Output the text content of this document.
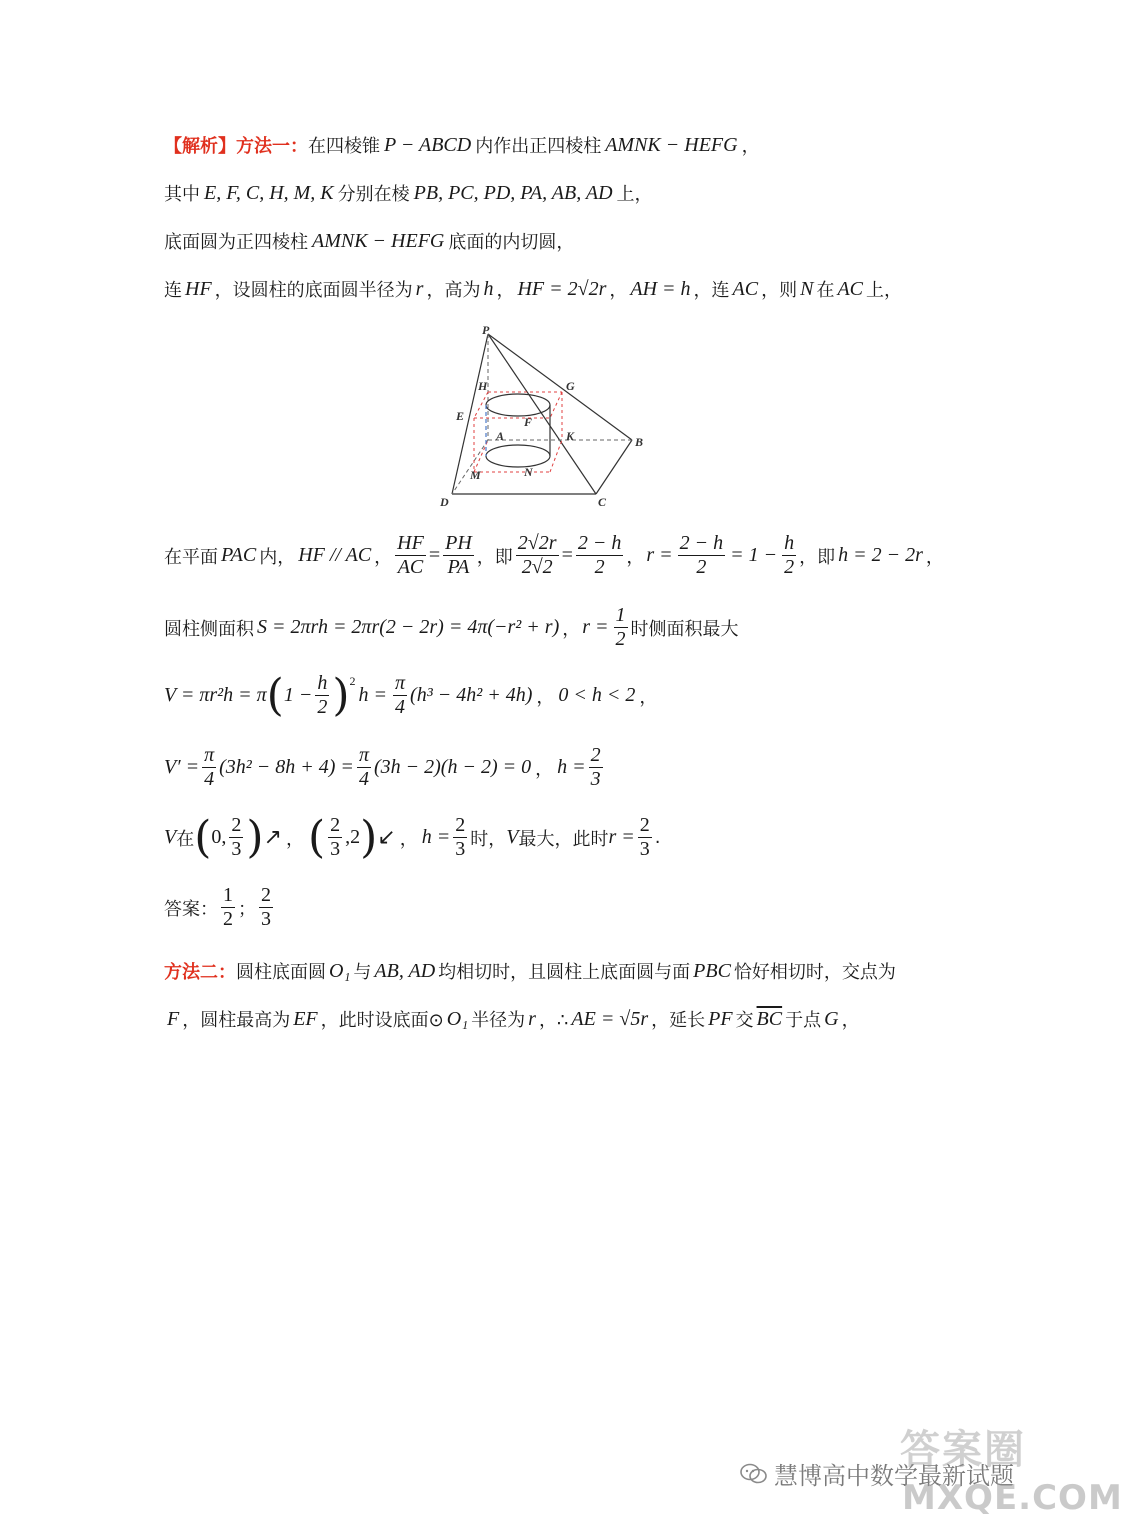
【解析】方法一： 在四棱锥 P − ABCD 内作出正四棱柱 AMNK − HEFG ，
其中 E, F, C, H, M, K 分别在棱 PB, PC, PD, PA, AB, AD 上，
底面圆为正四棱柱 AMNK − HEFG 底面的内切圆，
连 HF ，设圆柱的底面圆半径为 r ，高为 h ， HF = 2√2r ， AH = h ，连 AC ，则 N 在 AC 上，
P
H	G
E	F
A	K	B
M	N
D	C
在平面 PAC 内， HF // AC ， $\frac{HF}{AC} = \frac{PH}{PA}$ ，即 $\frac{2√2r}{2√2} = \frac{2 - h}{2}$ ， $r = \frac{2 - h}{2} = 1 - \frac{h}{2}$ ，即 h = 2 − 2r ，
圆柱侧面积 S = 2πrh = 2πr(2 − 2r) = 4π(−r² + r) ， $r = \frac{1}{2}$ 时侧面积最大
V = πr²h = π ( $1 - \frac{h}{2}$ ) 2
$h = \frac{\pi}{4} (h^3 - 4h^2 + 4h)$ ， 0 < h < 2 ，
$V' = \frac{\pi}{4} (3h^2 - 8h + 4) = \frac{\pi}{4} (3h - 2)(h - 2) = 0$ ， $h = \frac{2}{3}$
V 在 ( 0, $\frac{2}{3}$ ) ↗ ， ( $\frac{2}{3} ,2$ ) ↙ ， $h = \frac{2}{3}$ 时， V 最大，此时 $r = \frac{2}{3}$ .
答案： $\frac{1}{2}$ ； $\frac{2}{3}$
方法二： 圆柱底面圆 O₁ 与 AB, AD 均相切时，且圆柱上底面圆与面 PBC 恰好相切时，交点为
F ，圆柱最高为 EF ，此时设底面⊙ O₁ 半径为 r ，∴ AE = √5r ，延长 PF 交 $\overline{BC}$ 于点 G ，
慧博高中数学最新试题
答案圈
MXQE.COM
